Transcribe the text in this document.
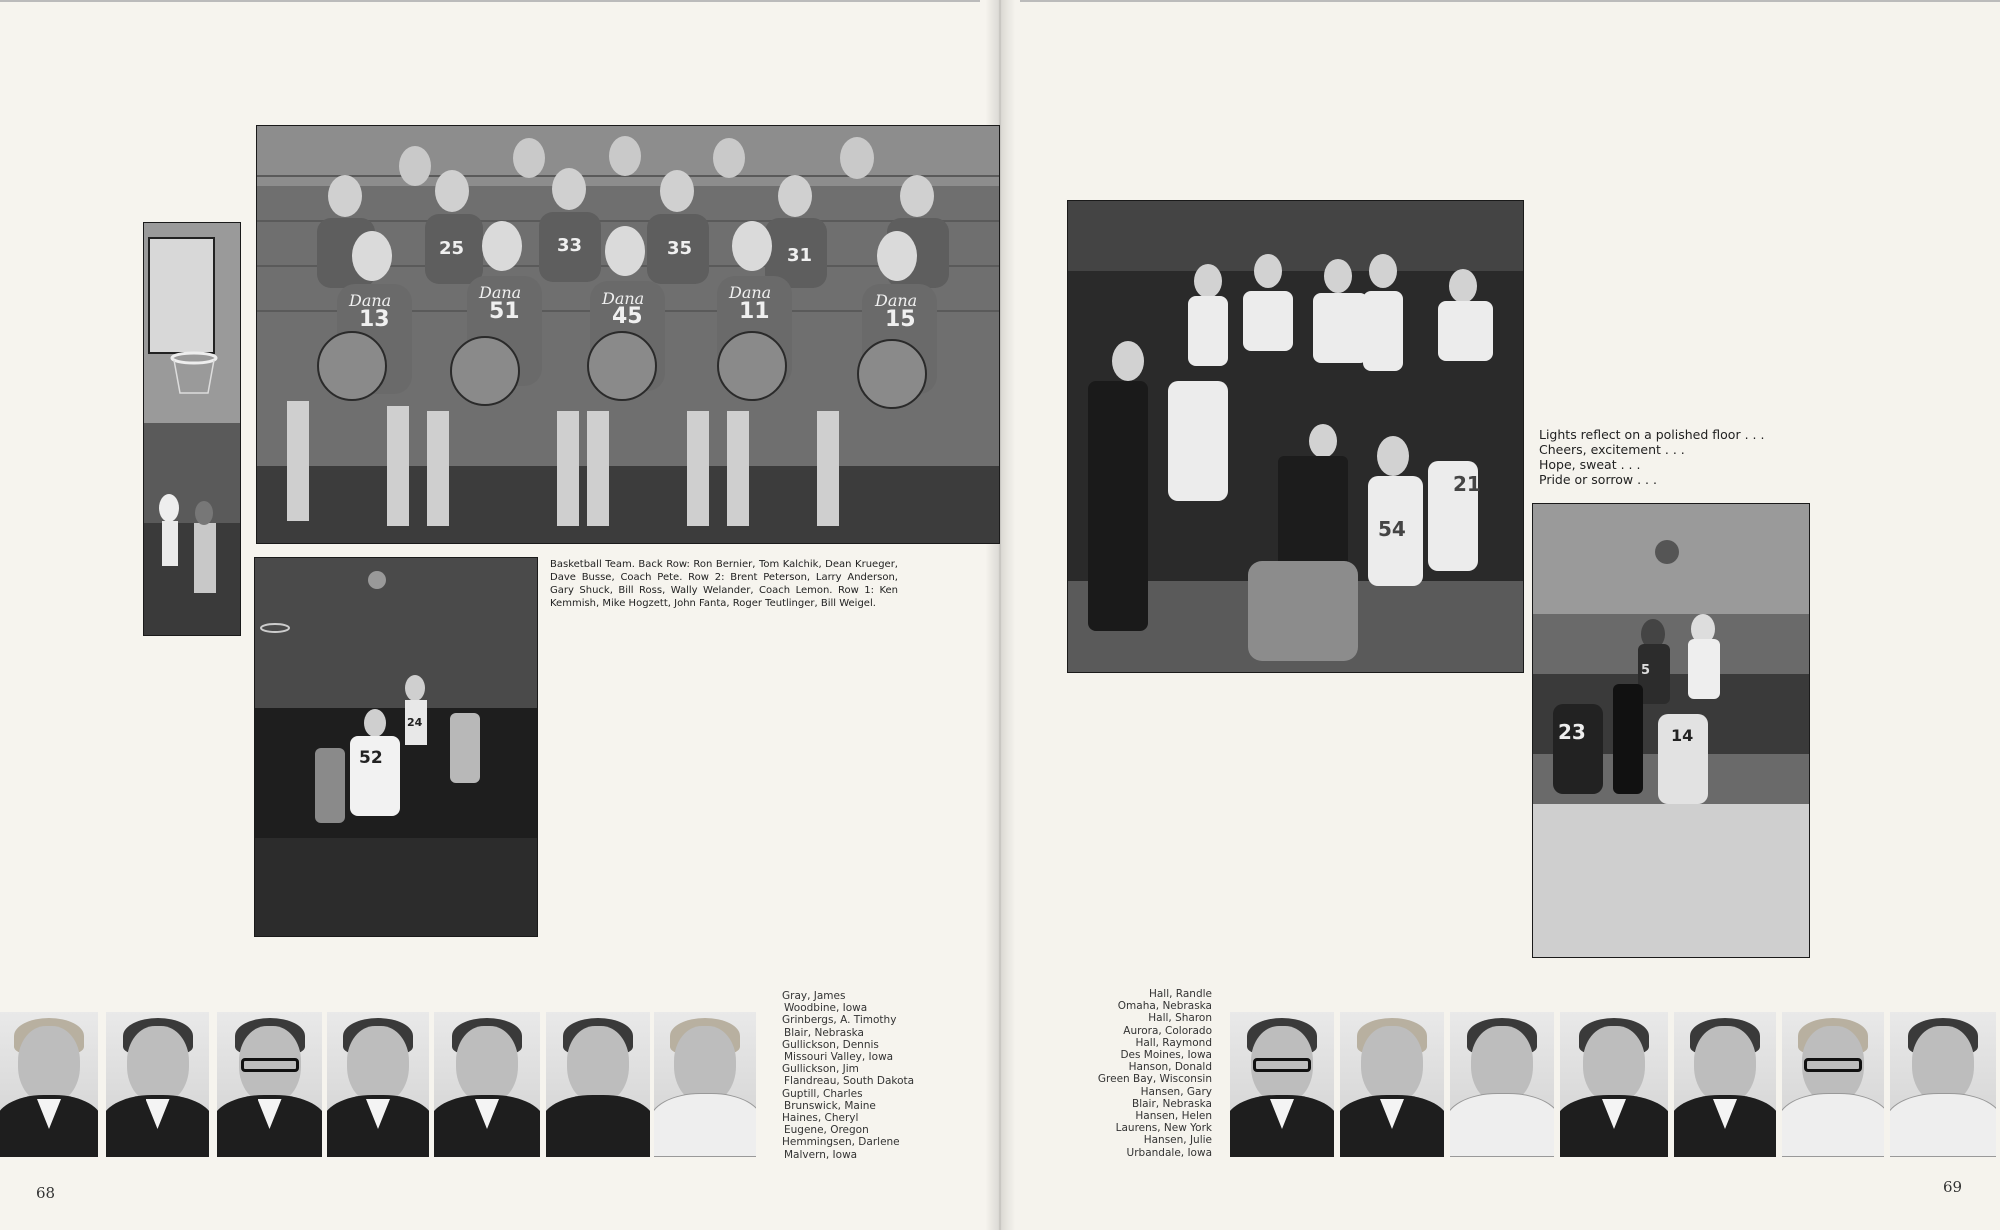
13	51	45	11	15
25	33	35	31
Dana	Dana	Dana	Dana	Dana
Basketball Team. Back Row: Ron Bernier, Tom Kalchik, Dean Krueger, Dave Busse, Coach Pete. Row 2: Brent Peterson, Larry Anderson, Gary Shuck, Bill Ross, Wally Welander, Coach Lemon. Row 1: Ken Kemmish, Mike Hogzett, John Fanta, Roger Teutlinger, Bill Weigel.
52
24
54
21
Lights reflect on a polished floor . . .
Cheers, excitement . . .
Hope, sweat . . .
Pride or sorrow . . .
23	14
5
Gray, James
Woodbine, Iowa
Grinbergs, A. Timothy
Blair, Nebraska
Gullickson, Dennis
Missouri Valley, Iowa
Gullickson, Jim
Flandreau, South Dakota
Guptill, Charles
Brunswick, Maine
Haines, Cheryl
Eugene, Oregon
Hemmingsen, Darlene
Malvern, Iowa
Hall, Randle
Omaha, Nebraska
Hall, Sharon
Aurora, Colorado
Hall, Raymond
Des Moines, Iowa
Hanson, Donald
Green Bay, Wisconsin
Hansen, Gary
Blair, Nebraska
Hansen, Helen
Laurens, New York
Hansen, Julie
Urbandale, Iowa
68	69
